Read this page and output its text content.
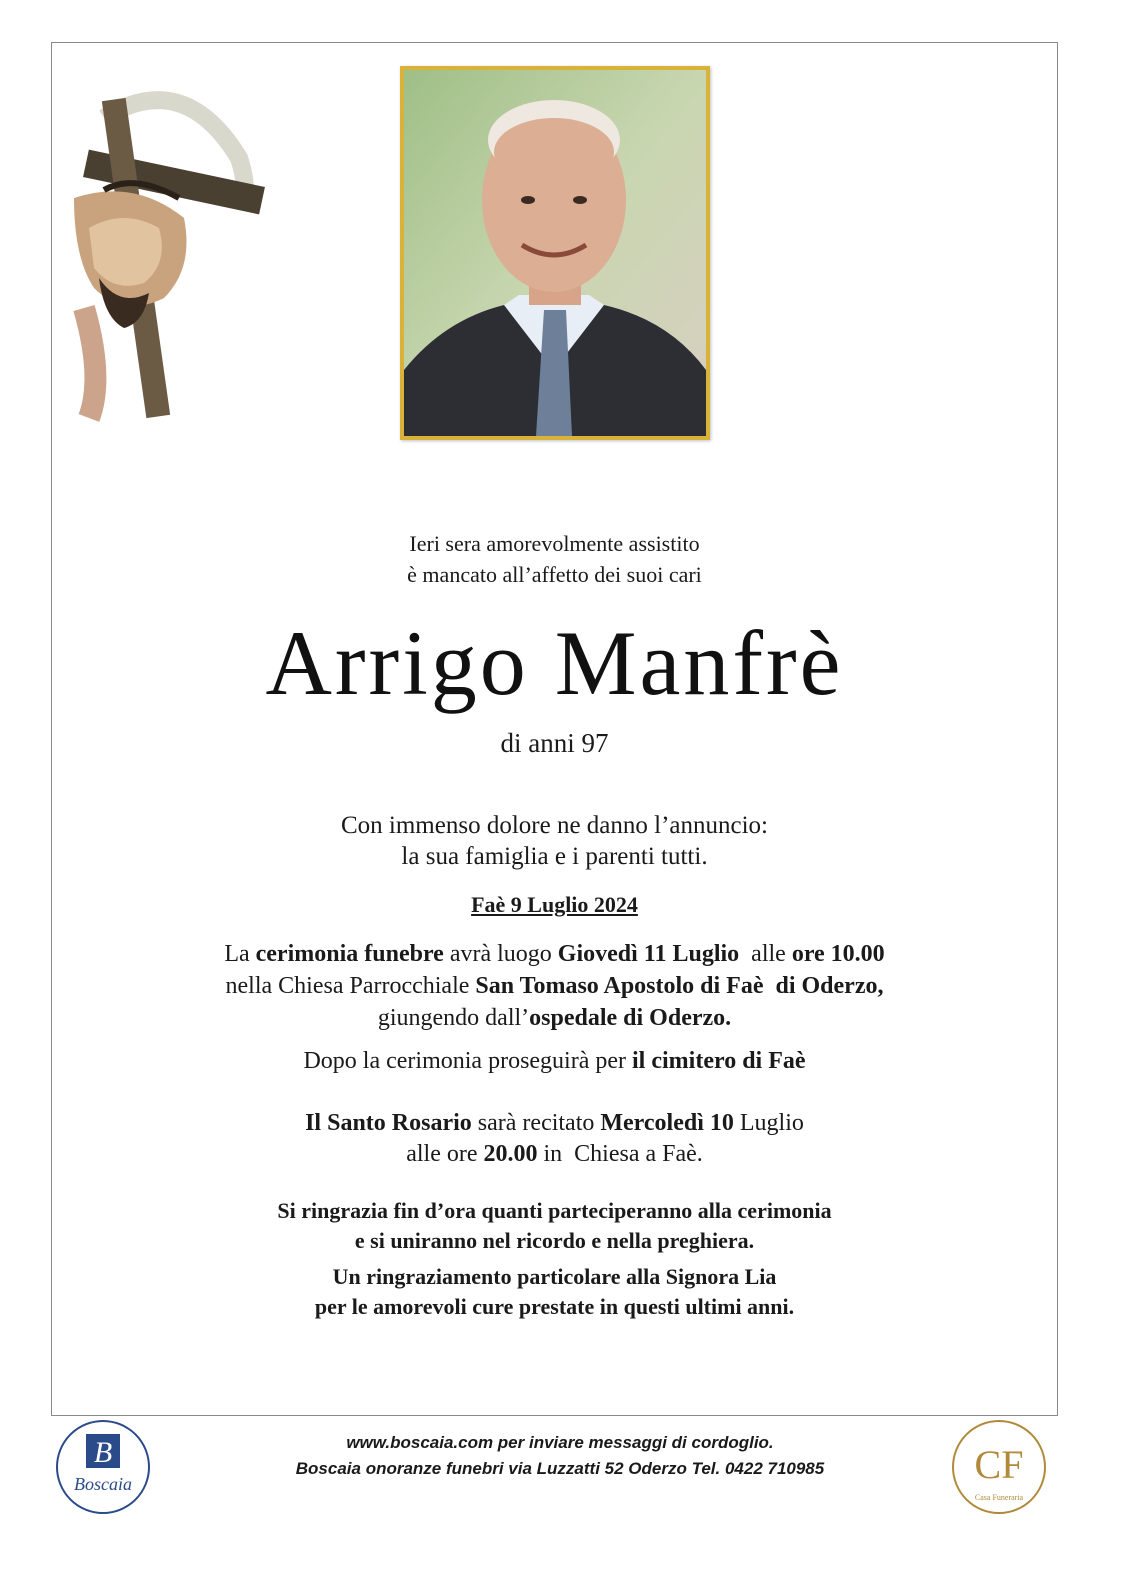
Ieri sera amorevolmente assistito
è mancato all’affetto dei suoi cari
Arrigo Manfrè
di anni 97
Con immenso dolore ne danno l’annuncio:
la sua famiglia e i parenti tutti.
Faè 9 Luglio 2024
La cerimonia funebre avrà luogo Giovedì 11 Luglio  alle ore 10.00
nella Chiesa Parrocchiale San Tomaso Apostolo di Faè  di Oderzo,
giungendo dall’ospedale di Oderzo.
Dopo la cerimonia proseguirà per il cimitero di Faè
Il Santo Rosario sarà recitato Mercoledì 10 Luglio
alle ore 20.00 in  Chiesa a Faè.
Si ringrazia fin d’ora quanti parteciperanno alla cerimonia
e si uniranno nel ricordo e nella preghiera.
Un ringraziamento particolare alla Signora Lia
per le amorevoli cure prestate in questi ultimi anni.
B
Boscaia
www.boscaia.com per inviare messaggi di cordoglio.
Boscaia onoranze funebri via Luzzatti 52 Oderzo Tel. 0422 710985	CF
Casa Funeraria
